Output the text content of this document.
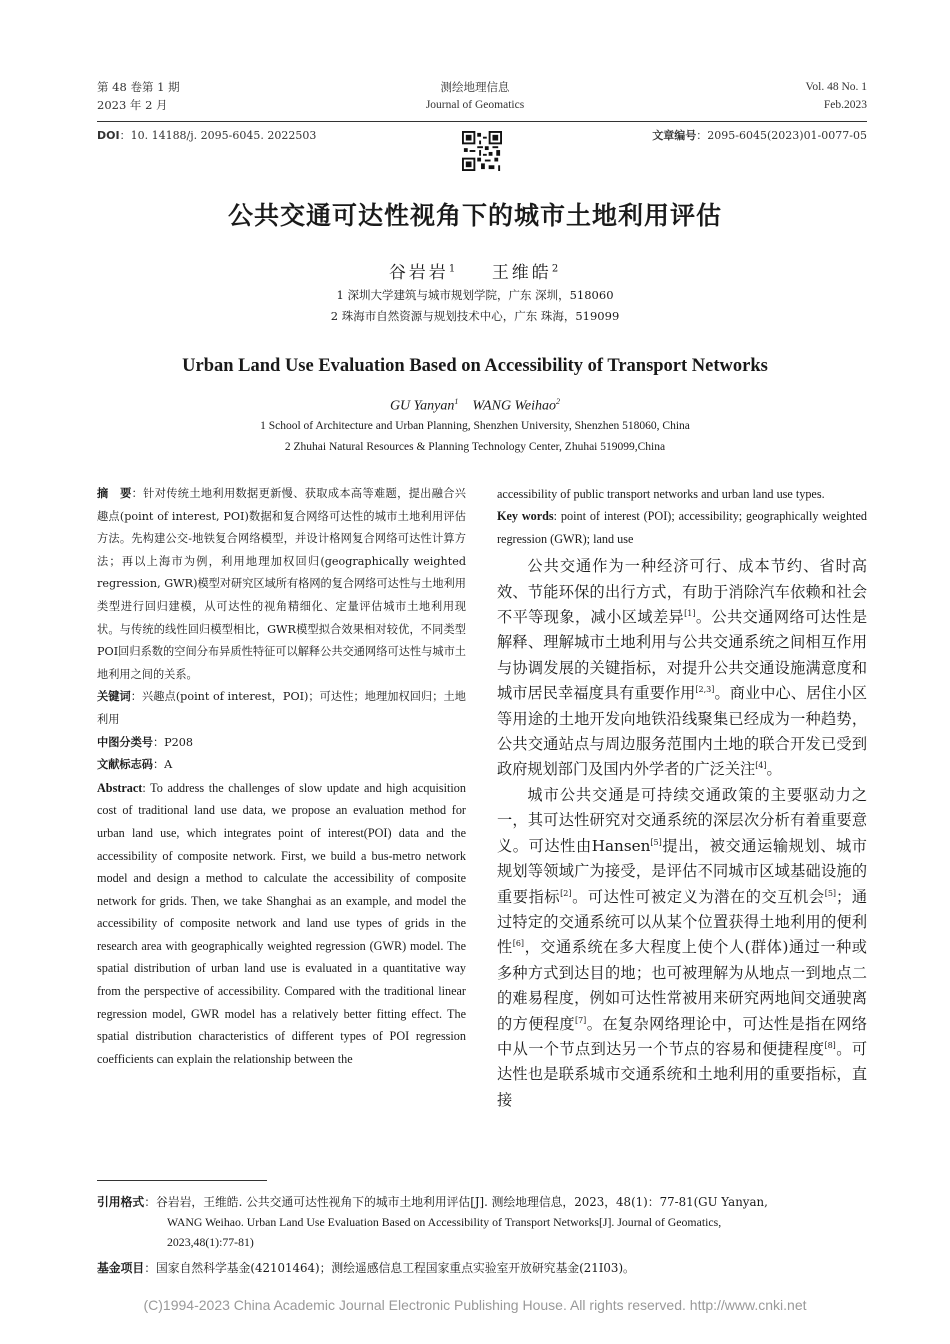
第 48 卷第 1 期
2023 年 2 月
测绘地理信息
Journal of Geomatics
Vol. 48 No. 1
Feb.2023
DOI：10. 14188/j. 2095-6045. 2022503	文章编号：2095-6045(2023)01-0077-05
公共交通可达性视角下的城市土地利用评估
谷岩岩$^1$ 王维皓$^2$
1 深圳大学建筑与城市规划学院，广东 深圳，518060
2 珠海市自然资源与规划技术中心，广东 珠海，519099
Urban Land Use Evaluation Based on Accessibility of Transport Networks
GU Yanyan$^1$ WANG Weihao$^2$
1 School of Architecture and Urban Planning, Shenzhen University, Shenzhen 518060, China
2 Zhuhai Natural Resources & Planning Technology Center, Zhuhai 519099,China

摘　要：针对传统土地利用数据更新慢、获取成本高等难题，提出融合兴趣点(point of interest, POI)数据和复合网络可达性的城市土地利用评估方法。先构建公交-地铁复合网络模型，并设计格网复合网络可达性计算方法；再以上海市为例，利用地理加权回归(geographically weighted regression, GWR)模型对研究区域所有格网的复合网络可达性与土地利用类型进行回归建模，从可达性的视角精细化、定量评估城市土地利用现状。与传统的线性回归模型相比，GWR模型拟合效果相对较优，不同类型POI回归系数的空间分布异质性特征可以解释公共交通网络可达性与城市土地利用之间的关系。

关键词：兴趣点(point of interest，POI)；可达性；地理加权回归；土地利用

中图分类号：P208

文献标志码：A

Abstract: To address the challenges of slow update and high acquisition cost of traditional land use data, we propose an evaluation method for urban land use, which integrates point of interest(POI) data and the accessibility of composite network. First, we build a bus-metro network model and design a method to calculate the accessibility of composite network for grids. Then, we take Shanghai as an example, and model the accessibility of composite network and land use types of grids in the research area with geographically weighted regression (GWR) model. The spatial distribution of urban land use is evaluated in a quantitative way from the perspective of accessibility. Compared with the traditional linear regression model, GWR model has a relatively better fitting effect. The spatial distribution characteristics of different types of POI regression coefficients can explain the relationship between the

accessibility of public transport networks and urban land use types.
Key words: point of interest (POI); accessibility; geographically weighted regression (GWR); land use

公共交通作为一种经济可行、成本节约、省时高效、节能环保的出行方式，有助于消除汽车依赖和社会不平等现象，减小区域差异[1]。公共交通网络可达性是解释、理解城市土地利用与公共交通系统之间相互作用与协调发展的关键指标，对提升公共交通设施满意度和城市居民幸福度具有重要作用[2,3]。商业中心、居住小区等用途的土地开发向地铁沿线聚集已经成为一种趋势，公共交通站点与周边服务范围内土地的联合开发已受到政府规划部门及国内外学者的广泛关注[4]。

城市公共交通是可持续交通政策的主要驱动力之一，其可达性研究对交通系统的深层次分析有着重要意义。可达性由Hansen[5]提出，被交通运输规划、城市规划等领域广为接受，是评估不同城市区域基础设施的重要指标[2]。可达性可被定义为潜在的交互机会[5]；通过特定的交通系统可以从某个位置获得土地利用的便利性[6]，交通系统在多大程度上使个人(群体)通过一种或多种方式到达目的地；也可被理解为从地点一到地点二的难易程度，例如可达性常被用来研究两地间交通驶离的方便程度[7]。在复杂网络理论中，可达性是指在网络中从一个节点到达另一个节点的容易和便捷程度[8]。可达性也是联系城市交通系统和土地利用的重要指标，直接

引用格式：谷岩岩，王维皓. 公共交通可达性视角下的城市土地利用评估[J]. 测绘地理信息，2023，48(1)：77-81(GU Yanyan,
WANG Weihao. Urban Land Use Evaluation Based on Accessibility of Transport Networks[J]. Journal of Geomatics,
2023,48(1):77-81)
基金项目：国家自然科学基金(42101464)；测绘遥感信息工程国家重点实验室开放研究基金(21I03)。
(C)1994-2023 China Academic Journal Electronic Publishing House. All rights reserved. http://www.cnki.net
